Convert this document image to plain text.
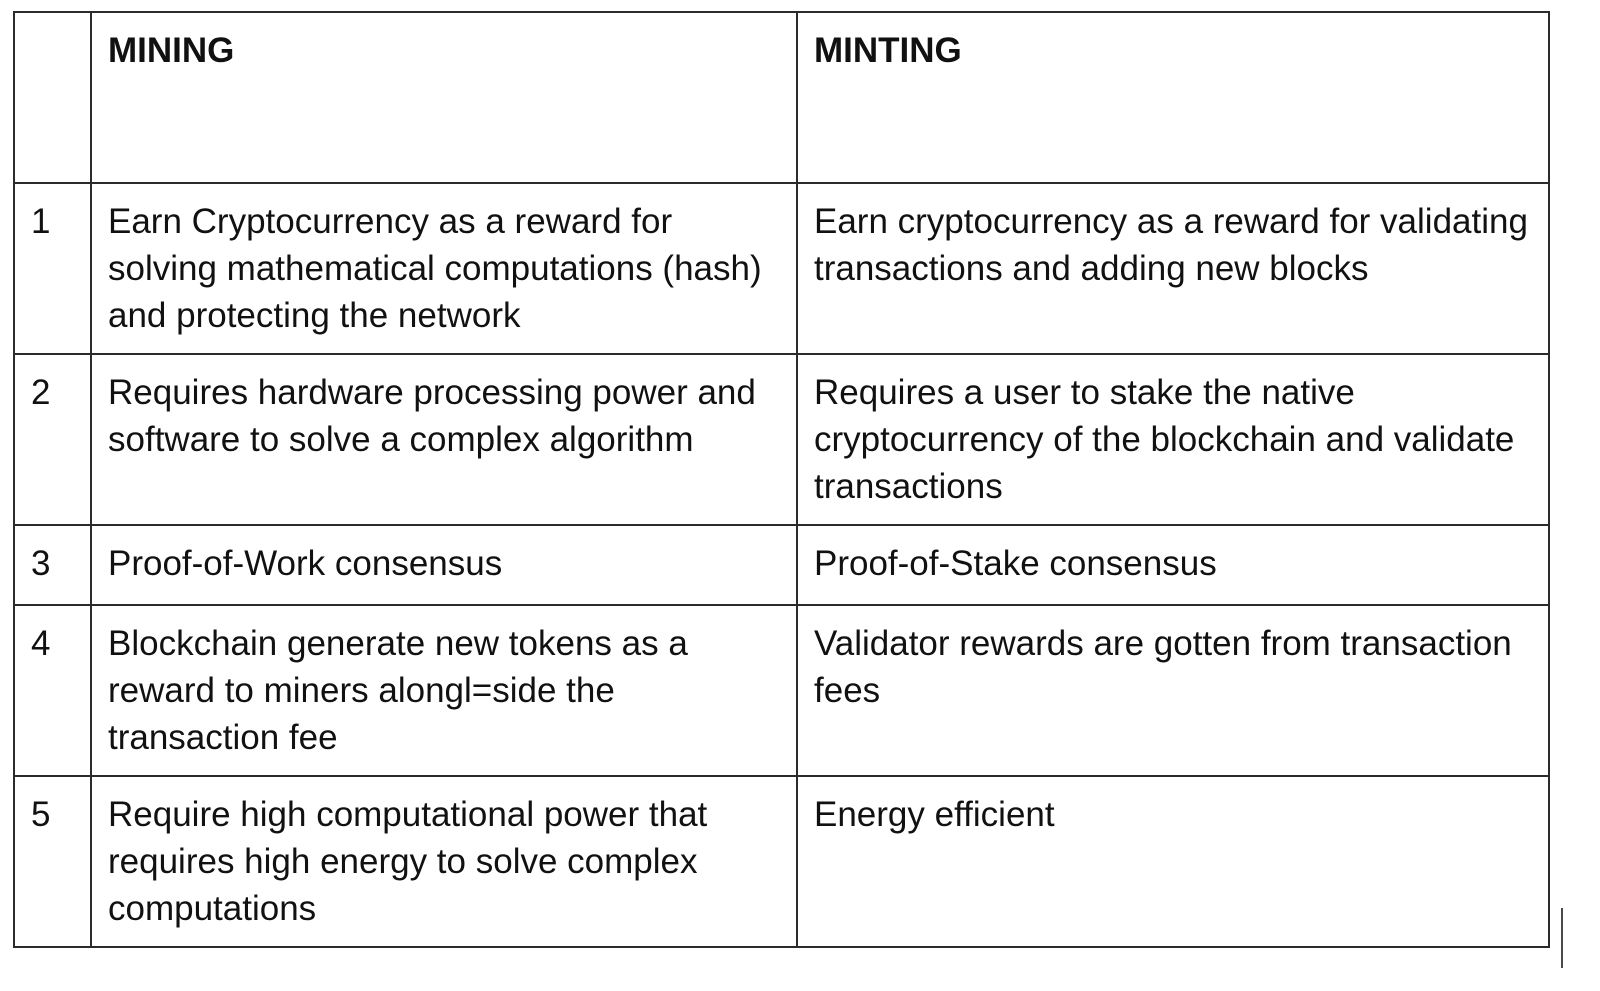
	MINING	MINTING
1	Earn Cryptocurrency as a reward for solving mathematical computations (hash) and protecting the network	Earn cryptocurrency as a reward for validating transactions and adding new blocks
2	Requires hardware processing power and software to solve a complex algorithm	Requires a user to stake the native cryptocurrency of the blockchain and validate transactions
3	Proof-of-Work consensus	Proof-of-Stake consensus
4	Blockchain generate new tokens as a reward to miners alongl=side the transaction fee	Validator rewards are gotten from transaction fees
5	Require high computational power that requires high energy to solve complex computations	Energy efficient
